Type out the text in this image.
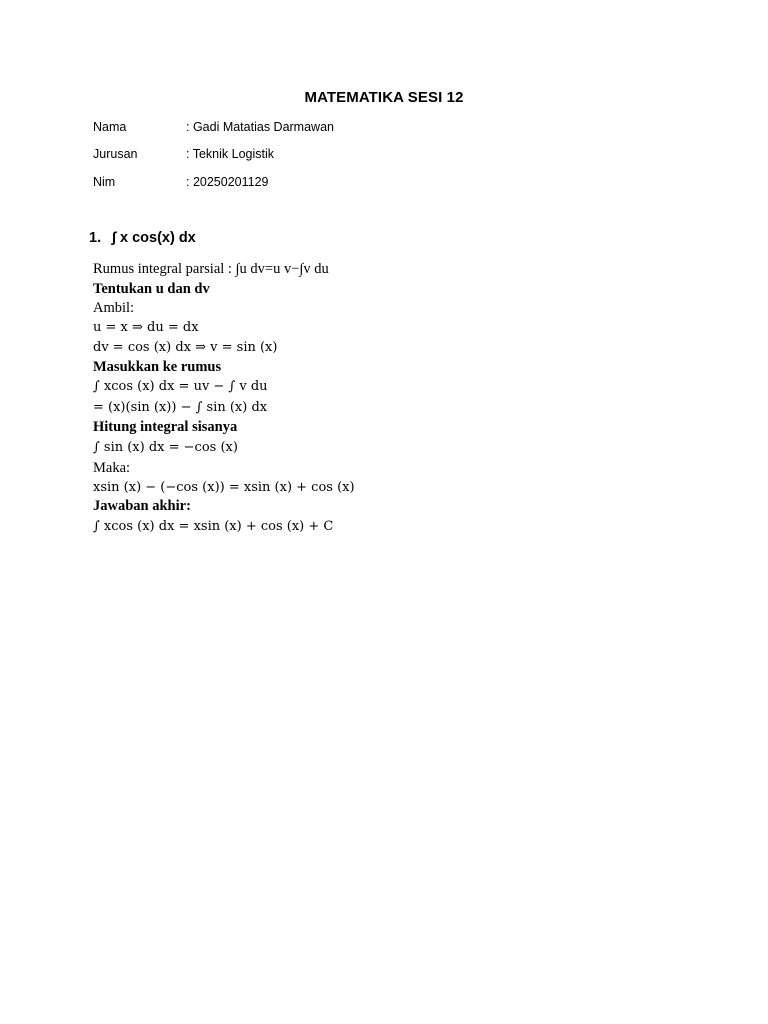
MATEMATIKA SESI 12
Nama	: Gadi Matatias Darmawan
Jurusan	: Teknik Logistik
Nim	: 20250201129
1. ∫ x cos(x) dx
Rumus integral parsial : ∫u dv=u v−∫v du
Tentukan u dan dv
Ambil:
u = x ⇒ du = dx
dv = cos (x) dx ⇒ v = sin (x)
Masukkan ke rumus
∫ xcos (x) dx = uv − ∫ v du
= (x)(sin (x)) − ∫ sin (x) dx
Hitung integral sisanya
∫ sin (x) dx = −cos (x)
Maka:
xsin (x) − (−cos (x)) = xsin (x) + cos (x)
Jawaban akhir:
∫ xcos (x) dx = xsin (x) + cos (x) + C
